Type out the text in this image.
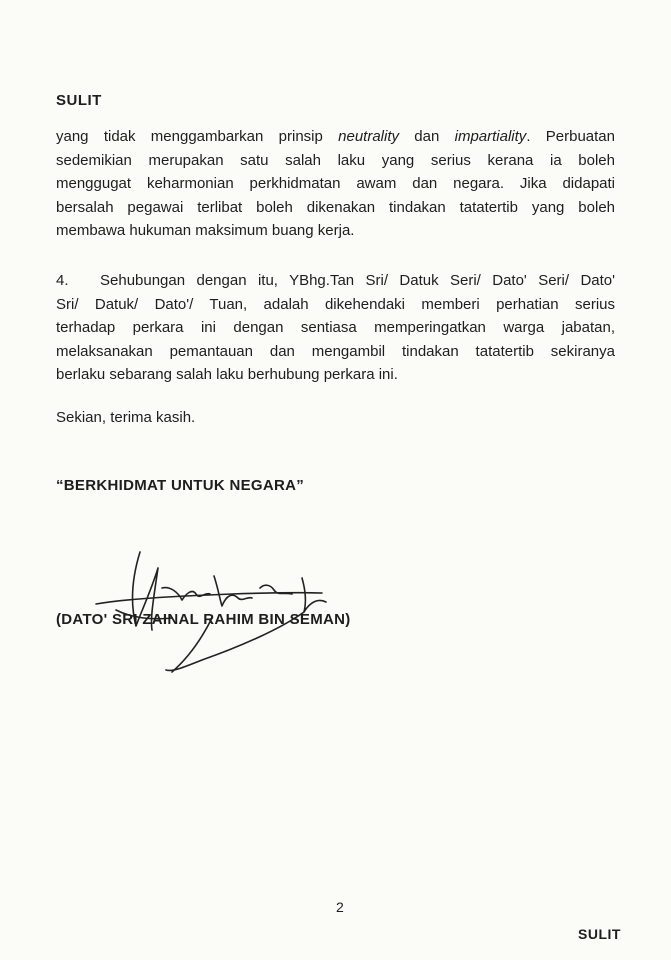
SULIT
yang tidak menggambarkan prinsip neutrality dan impartiality. Perbuatan
sedemikian merupakan satu salah laku yang serius kerana ia boleh
menggugat keharmonian perkhidmatan awam dan negara. Jika didapati
bersalah pegawai terlibat boleh dikenakan tindakan tatatertib yang boleh
membawa hukuman maksimum buang kerja.
4. Sehubungan dengan itu, YBhg.Tan Sri/ Datuk Seri/ Dato' Seri/ Dato'
Sri/ Datuk/ Dato'/ Tuan, adalah dikehendaki memberi perhatian serius
terhadap perkara ini dengan sentiasa memperingatkan warga jabatan,
melaksanakan pemantauan dan mengambil tindakan tatatertib sekiranya
berlaku sebarang salah laku berhubung perkara ini.
Sekian, terima kasih.
“BERKHIDMAT UNTUK NEGARA”
(DATO' SRI ZAINAL RAHIM BIN SEMAN)
2
SULIT
